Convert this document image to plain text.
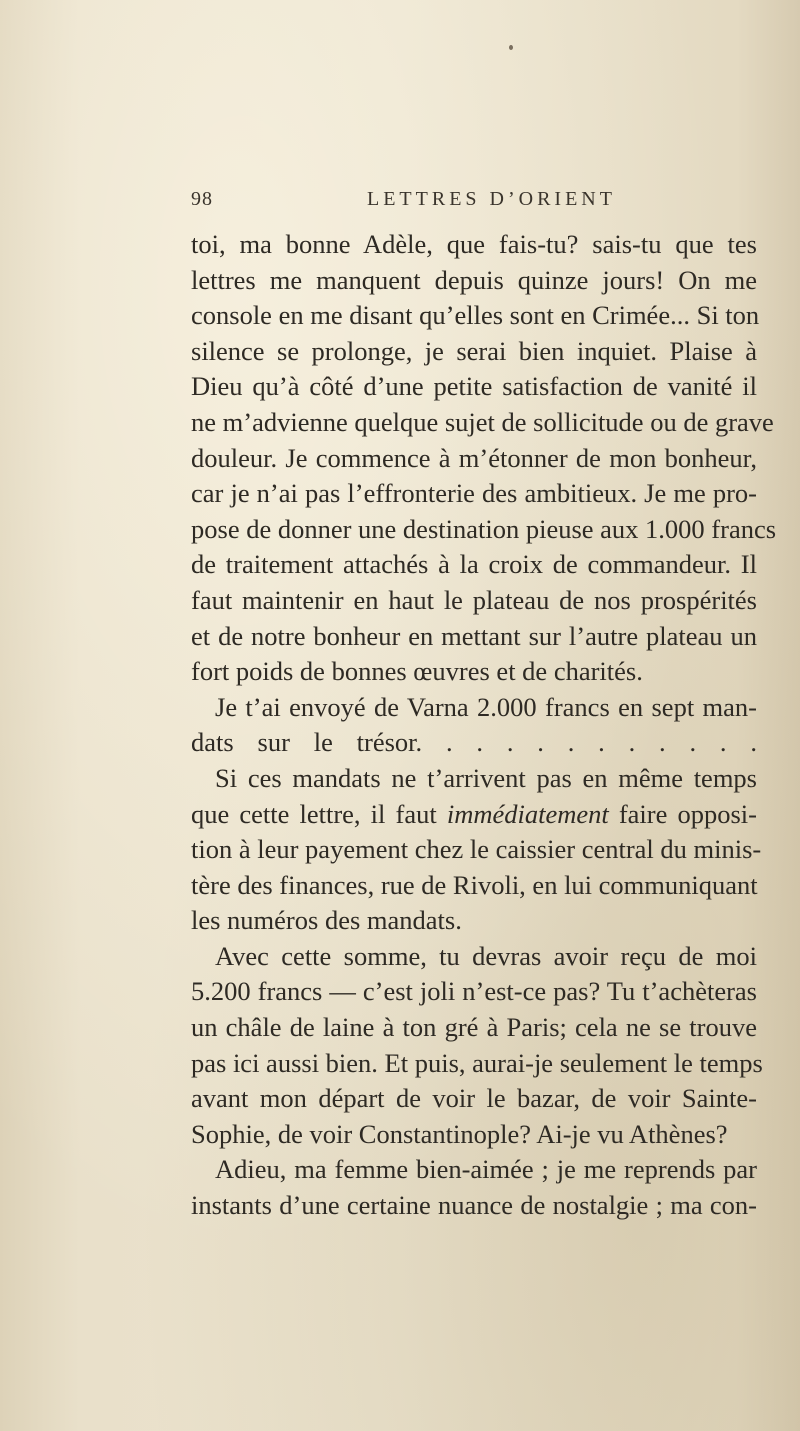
98	LETTRES D’ORIENT
toi, ma bonne Adèle, que fais-tu? sais-tu que tes
lettres me manquent depuis quinze jours! On me
console en me disant qu’elles sont en Crimée... Si ton
silence se prolonge, je serai bien inquiet. Plaise à
Dieu qu’à côté d’une petite satisfaction de vanité il
ne m’advienne quelque sujet de sollicitude ou de grave
douleur. Je commence à m’étonner de mon bonheur,
car je n’ai pas l’effronterie des ambitieux. Je me pro-
pose de donner une destination pieuse aux 1.000 francs
de traitement attachés à la croix de commandeur. Il
faut maintenir en haut le plateau de nos prospérités
et de notre bonheur en mettant sur l’autre plateau un
fort poids de bonnes œuvres et de charités.
Je t’ai envoyé de Varna 2.000 francs en sept man-
dats sur le trésor. . . . . . . . . . . .
Si ces mandats ne t’arrivent pas en même temps
que cette lettre, il faut immédiatement faire opposi-
tion à leur payement chez le caissier central du minis-
tère des finances, rue de Rivoli, en lui communiquant
les numéros des mandats.
Avec cette somme, tu devras avoir reçu de moi
5.200 francs — c’est joli n’est-ce pas? Tu t’achèteras
un châle de laine à ton gré à Paris; cela ne se trouve
pas ici aussi bien. Et puis, aurai-je seulement le temps
avant mon départ de voir le bazar, de voir Sainte-
Sophie, de voir Constantinople? Ai-je vu Athènes?
Adieu, ma femme bien-aimée ; je me reprends par
instants d’une certaine nuance de nostalgie ; ma con-
